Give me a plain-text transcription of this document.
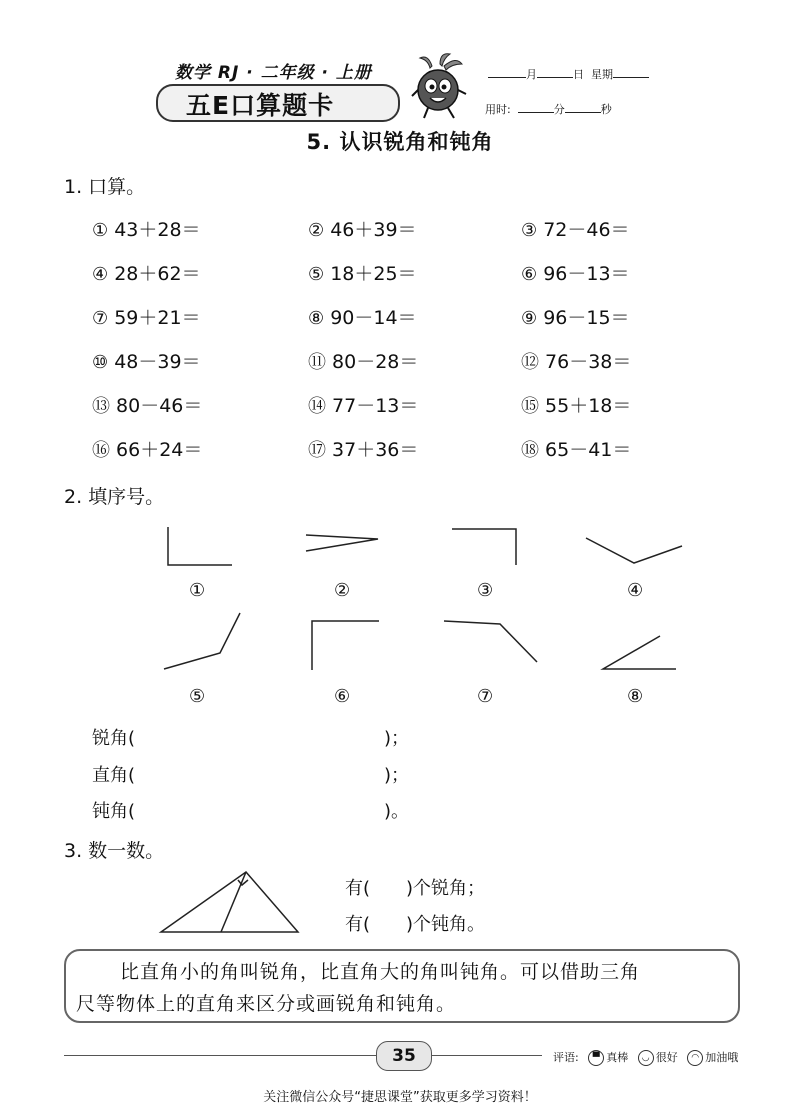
数学 RJ · 二年级 · 上册
五E口算题卡
月	日 星期
用时:	分	秒
5. 认识锐角和钝角
1. 口算。
① 43＋28＝	② 46＋39＝	③ 72－46＝
④ 28＋62＝	⑤ 18＋25＝	⑥ 96－13＝
⑦ 59＋21＝	⑧ 90－14＝	⑨ 96－15＝
⑩ 48－39＝	⑪ 80－28＝	⑫ 76－38＝
⑬ 80－46＝	⑭ 77－13＝	⑮ 55＋18＝
⑯ 66＋24＝	⑰ 37＋36＝	⑱ 65－41＝
2. 填序号。
①	②	③	④
⑤	⑥	⑦	⑧
锐角(	)；
直角(	)；
钝角(	)。
3. 数一数。
有(　　)个锐角；
有(　　)个钝角。
比直角小的角叫锐角，比直角大的角叫钝角。可以借助三角
尺等物体上的直角来区分或画锐角和钝角。
35	评语: ▀ 真棒 ◡ 很好 ◠ 加油哦
关注微信公众号“捷思课堂”获取更多学习资料！
